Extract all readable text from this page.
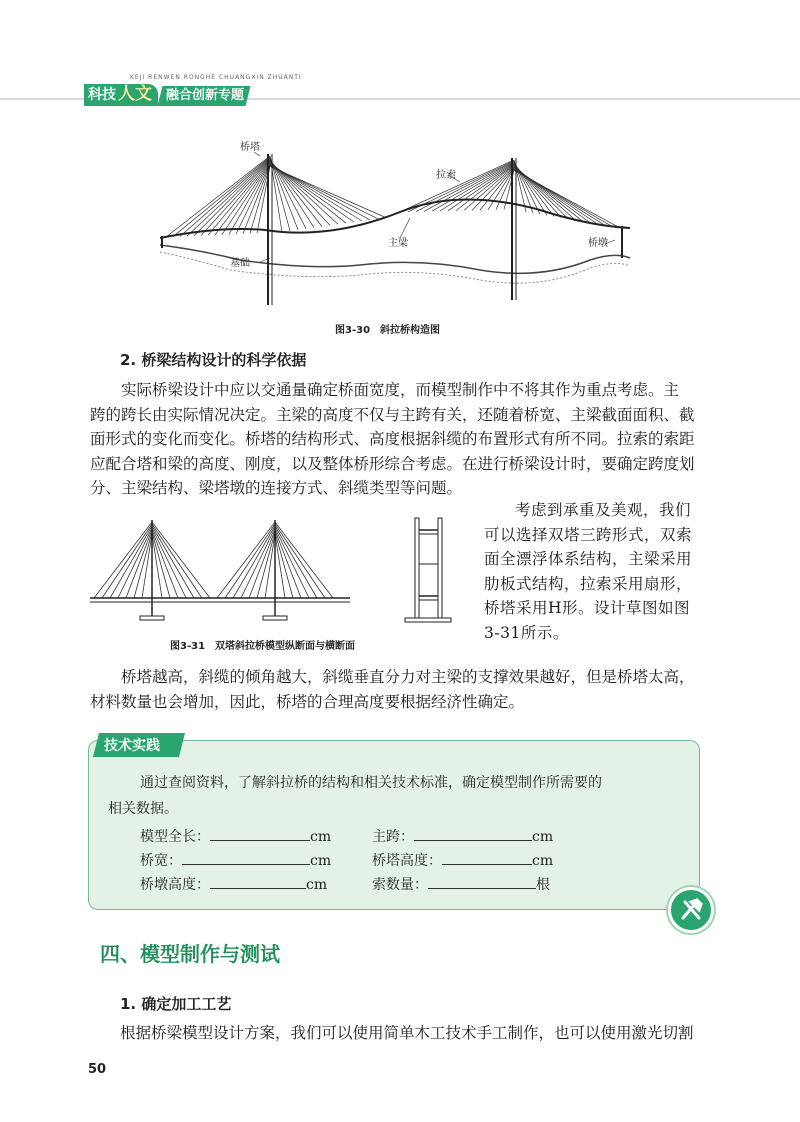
KEJI RENWEN RONGHE CHUANGXIN ZHUANTI
科技 人文 融合创新专题
桥塔
拉索
主梁	桥墩
基础
图3-30　斜拉桥构造图
2. 桥梁结构设计的科学依据
实际桥梁设计中应以交通量确定桥面宽度，而模型制作中不将其作为重点考虑。主
跨的跨长由实际情况决定。主梁的高度不仅与主跨有关，还随着桥宽、主梁截面面积、截
面形式的变化而变化。桥塔的结构形式、高度根据斜缆的布置形式有所不同。拉索的索距
应配合塔和梁的高度、刚度，以及整体桥形综合考虑。在进行桥梁设计时，要确定跨度划
分、主梁结构、梁塔墩的连接方式、斜缆类型等问题。
图3-31　双塔斜拉桥模型纵断面与横断面
考虑到承重及美观，我们
可以选择双塔三跨形式，双索
面全漂浮体系结构，主梁采用
肋板式结构，拉索采用扇形，
桥塔采用H形。设计草图如图
3-31所示。
桥塔越高，斜缆的倾角越大，斜缆垂直分力对主梁的支撑效果越好，但是桥塔太高，
材料数量也会增加，因此，桥塔的合理高度要根据经济性确定。
技术实践
通过查阅资料，了解斜拉桥的结构和相关技术标准，确定模型制作所需要的
相关数据。
模型全长：	cm	主跨：	cm
桥宽：	cm	桥塔高度：	cm
桥墩高度：	cm	索数量：	根
四、模型制作与测试
1. 确定加工工艺
根据桥梁模型设计方案，我们可以使用简单木工技术手工制作，也可以使用激光切割
50
